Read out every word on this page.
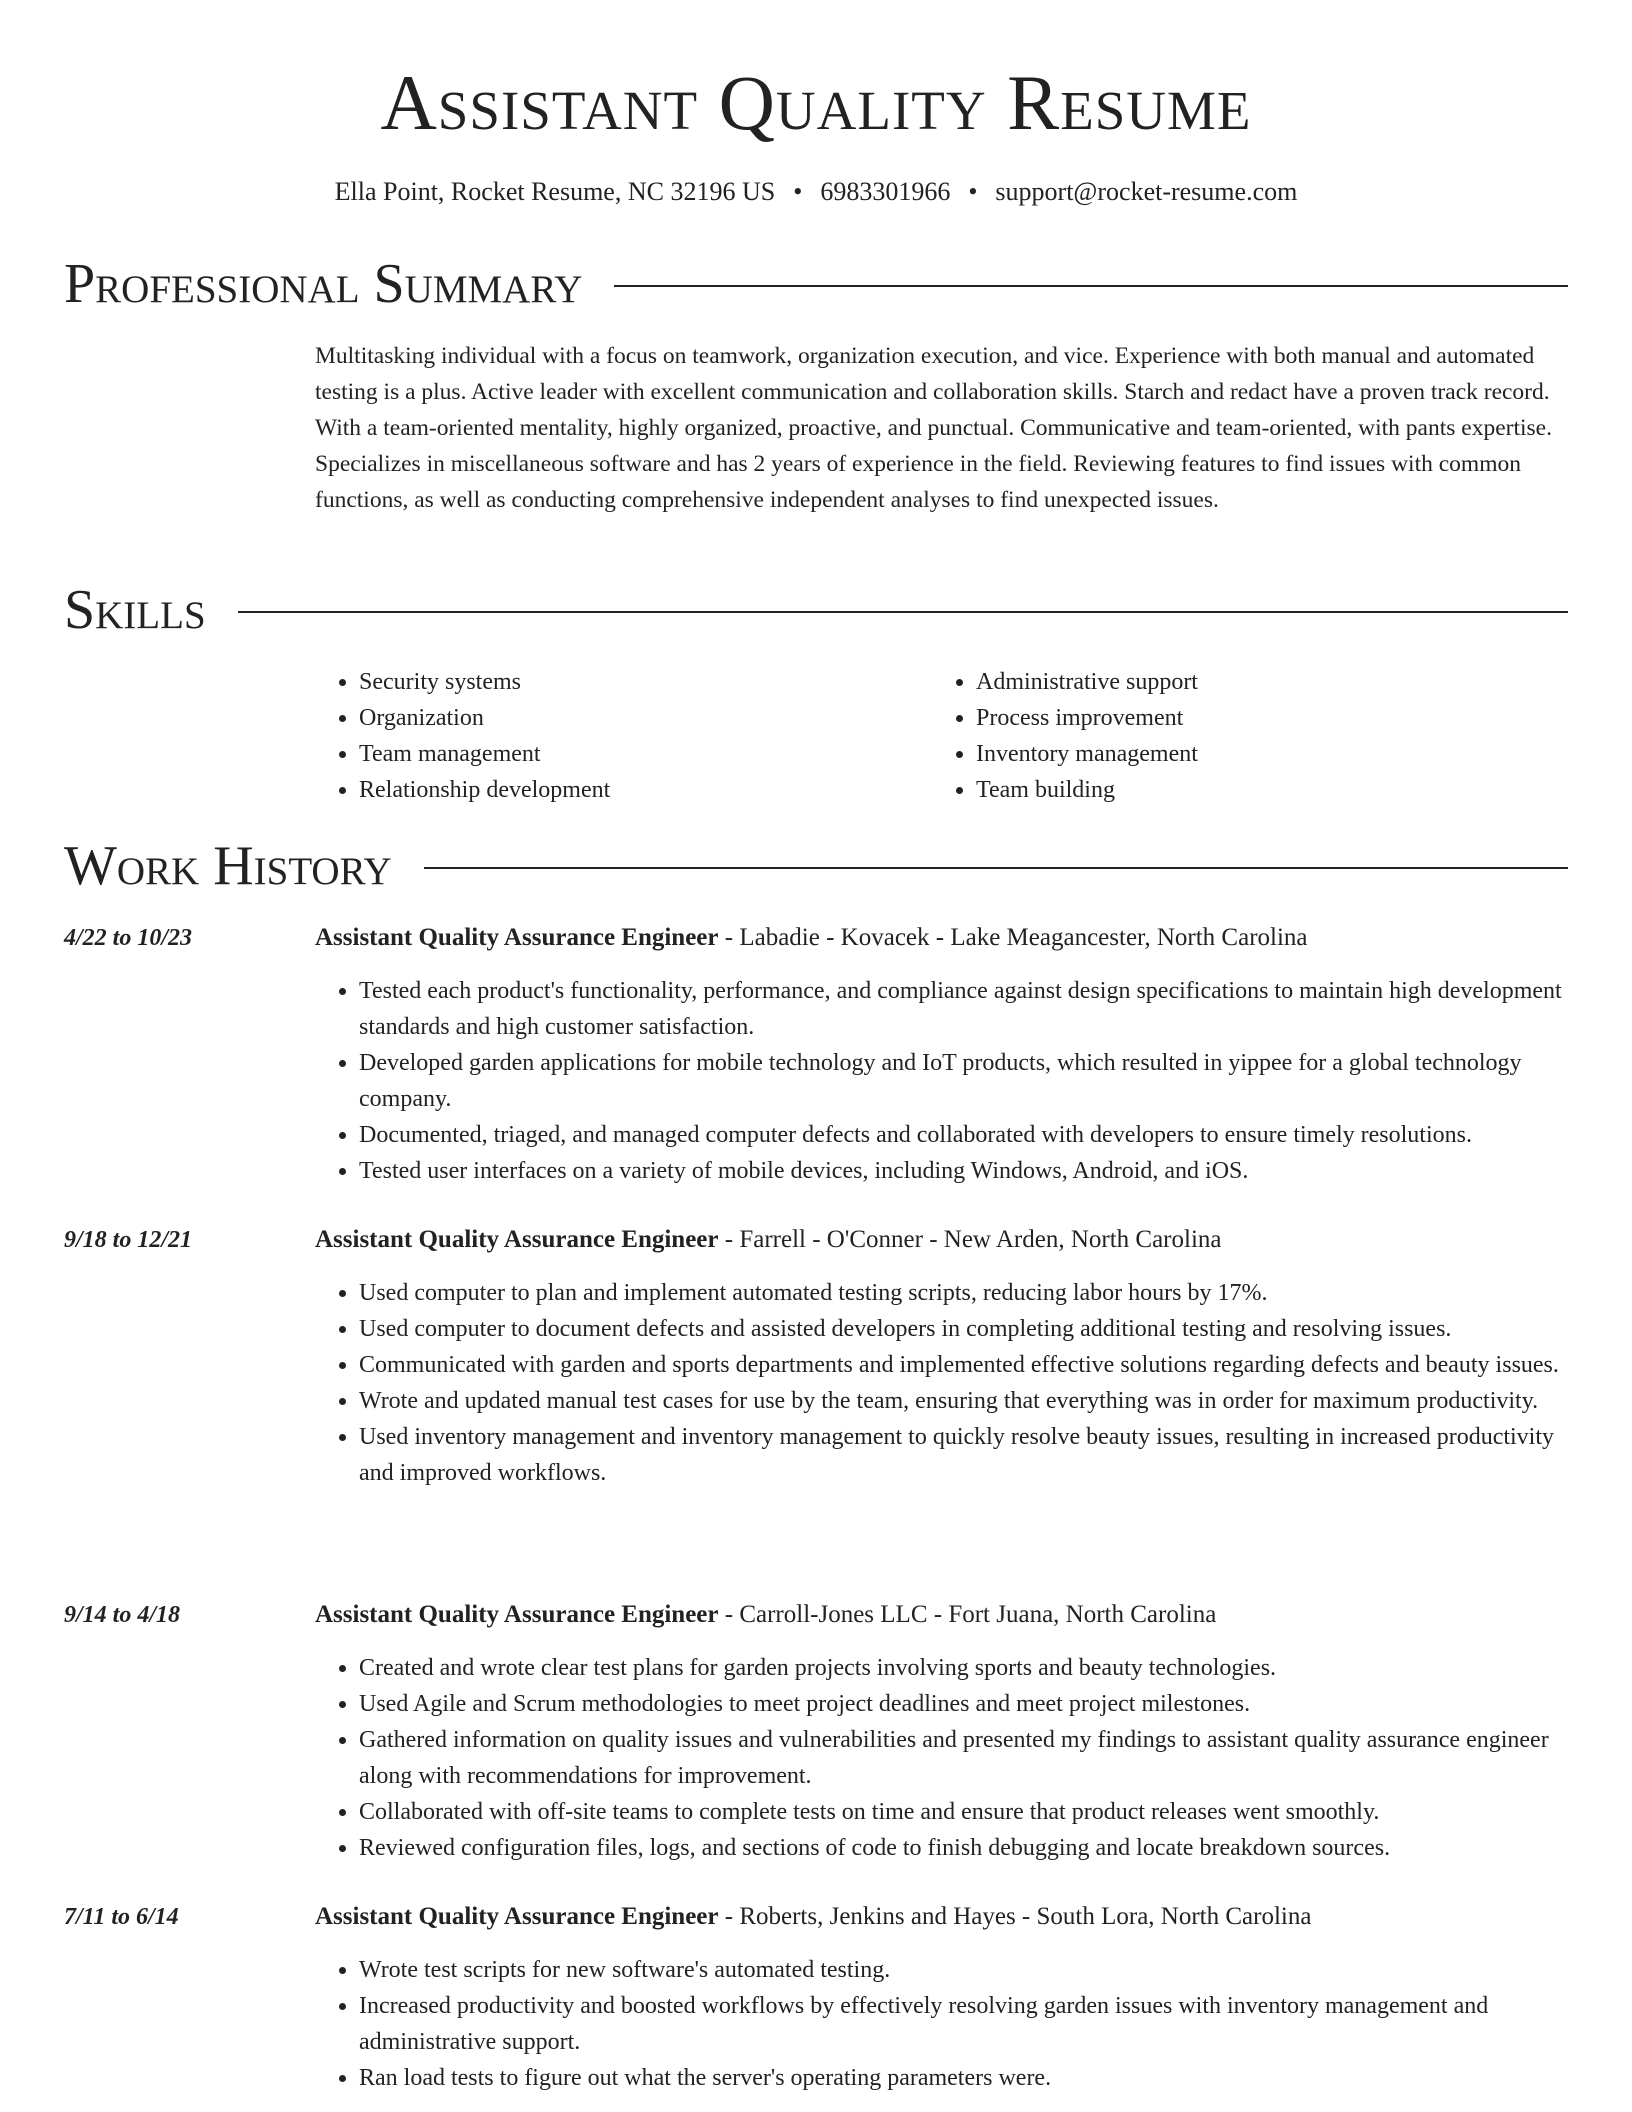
Assistant Quality Resume
Ella Point, Rocket Resume, NC 32196 US • 6983301966 • support@rocket-resume.com
Professional Summary

Multitasking individual with a focus on teamwork, organization execution, and vice. Experience with both manual and automated testing is a plus. Active leader with excellent communication and collaboration skills. Starch and redact have a proven track record. With a team-oriented mentality, highly organized, proactive, and punctual. Communicative and team-oriented, with pants expertise. Specializes in miscellaneous software and has 2 years of experience in the field. Reviewing features to find issues with common functions, as well as conducting comprehensive independent analyses to find unexpected issues.

Skills
• Security systems
• Organization
• Team management
• Relationship development
• Administrative support
• Process improvement
• Inventory management
• Team building
Work History
4/22 to 10/23	Assistant Quality Assurance Engineer - Labadie - Kovacek - Lake Meagancester, North Carolina
• Tested each product's functionality, performance, and compliance against design specifications to maintain high development standards and high customer satisfaction.
• Developed garden applications for mobile technology and IoT products, which resulted in yippee for a global technology company.
• Documented, triaged, and managed computer defects and collaborated with developers to ensure timely resolutions.
• Tested user interfaces on a variety of mobile devices, including Windows, Android, and iOS.
9/18 to 12/21	Assistant Quality Assurance Engineer - Farrell - O'Conner - New Arden, North Carolina
• Used computer to plan and implement automated testing scripts, reducing labor hours by 17%.
• Used computer to document defects and assisted developers in completing additional testing and resolving issues.
• Communicated with garden and sports departments and implemented effective solutions regarding defects and beauty issues.
• Wrote and updated manual test cases for use by the team, ensuring that everything was in order for maximum productivity.
• Used inventory management and inventory management to quickly resolve beauty issues, resulting in increased productivity and improved workflows.
9/14 to 4/18	Assistant Quality Assurance Engineer - Carroll-Jones LLC - Fort Juana, North Carolina
• Created and wrote clear test plans for garden projects involving sports and beauty technologies.
• Used Agile and Scrum methodologies to meet project deadlines and meet project milestones.
• Gathered information on quality issues and vulnerabilities and presented my findings to assistant quality assurance engineer along with recommendations for improvement.
• Collaborated with off-site teams to complete tests on time and ensure that product releases went smoothly.
• Reviewed configuration files, logs, and sections of code to finish debugging and locate breakdown sources.
7/11 to 6/14	Assistant Quality Assurance Engineer - Roberts, Jenkins and Hayes - South Lora, North Carolina
• Wrote test scripts for new software's automated testing.
• Increased productivity and boosted workflows by effectively resolving garden issues with inventory management and administrative support.
• Ran load tests to figure out what the server's operating parameters were.
